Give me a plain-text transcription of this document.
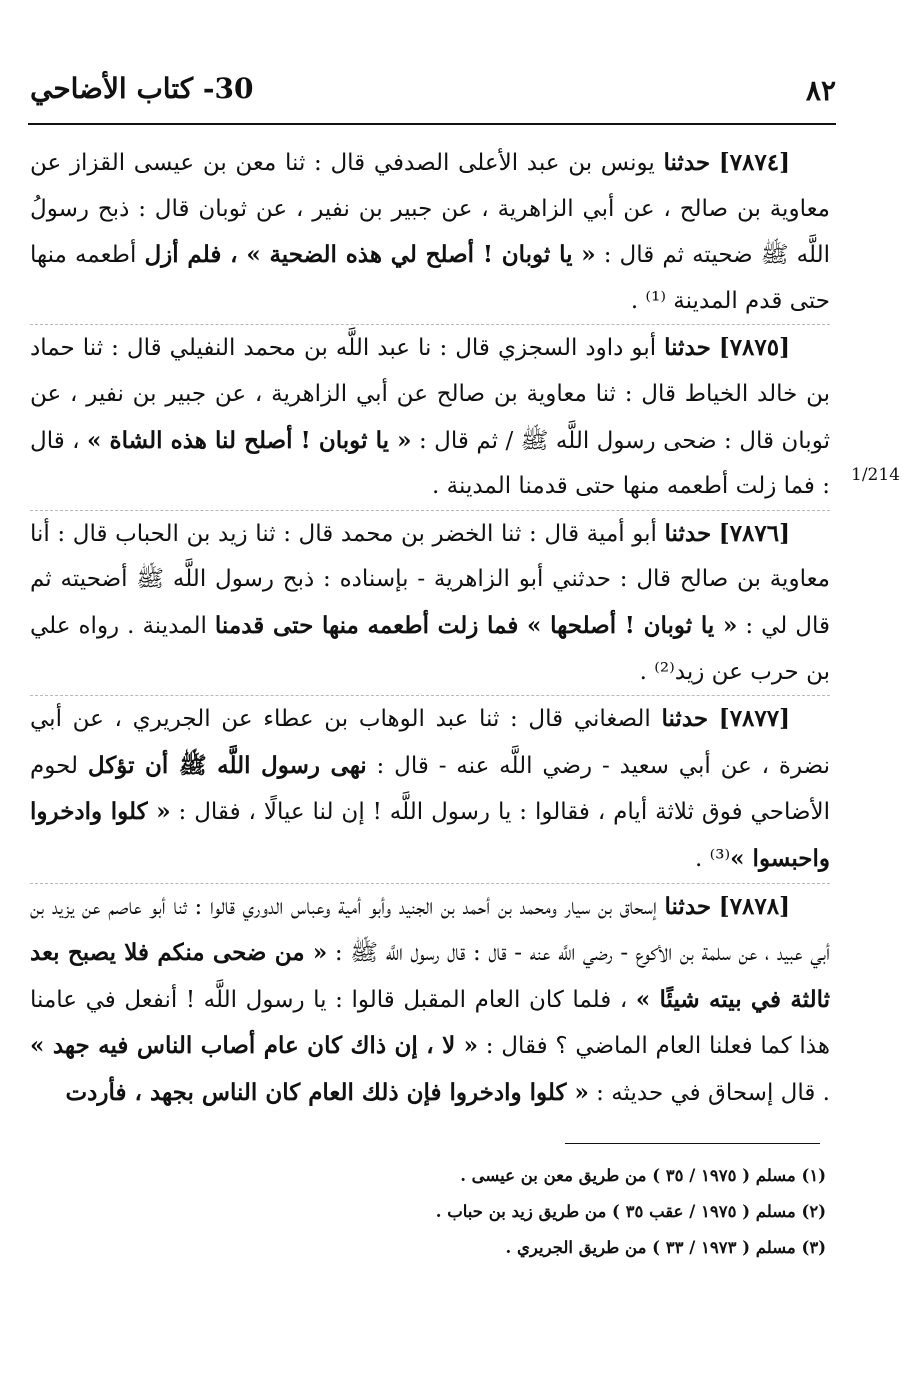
٨٢
30- كتاب الأضاحي
1/214

[٧٨٧٤] حدثنا يونس بن عبد الأعلى الصدفي قال : ثنا معن بن عيسى القزاز عن معاوية بن صالح ، عن أبي الزاهرية ، عن جبير بن نفير ، عن ثوبان قال : ذبح رسولُ اللَّه ﷺ ضحيته ثم قال : « يا ثوبان ! أصلح لي هذه الضحية » ، فلم أزل أطعمه منها حتى قدم المدينة ⁽¹⁾ .

[٧٨٧٥] حدثنا أبو داود السجزي قال : نا عبد اللَّه بن محمد النفيلي قال : ثنا حماد بن خالد الخياط قال : ثنا معاوية بن صالح عن أبي الزاهرية ، عن جبير بن نفير ، عن ثوبان قال : ضحى رسول اللَّه ﷺ / ثم قال : « يا ثوبان ! أصلح لنا هذه الشاة » ، قال : فما زلت أطعمه منها حتى قدمنا المدينة .

[٧٨٧٦] حدثنا أبو أمية قال : ثنا الخضر بن محمد قال : ثنا زيد بن الحباب قال : أنا معاوية بن صالح قال : حدثني أبو الزاهرية - بإسناده : ذبح رسول اللَّه ﷺ أضحيته ثم قال لي : « يا ثوبان ! أصلحها » فما زلت أطعمه منها حتى قدمنا المدينة . رواه علي بن حرب عن زيد⁽²⁾ .

[٧٨٧٧] حدثنا الصغاني قال : ثنا عبد الوهاب بن عطاء عن الجريري ، عن أبي نضرة ، عن أبي سعيد - رضي اللَّه عنه - قال : نهى رسول اللَّه ﷺ أن تؤكل لحوم الأضاحي فوق ثلاثة أيام ، فقالوا : يا رسول اللَّه ! إن لنا عيالًا ، فقال : « كلوا وادخروا واحبسوا »⁽³⁾ .

[٧٨٧٨] حدثنا إسحاق بن سيار ومحمد بن أحمد بن الجنيد وأبو أمية وعباس الدوري قالوا : ثنا أبو عاصم عن يزيد بن أبي عبيد ، عن سلمة بن الأكوع - رضي اللَّه عنه - قال : قال رسول اللَّه ﷺ : « من ضحى منكم فلا يصبح بعد ثالثة في بيته شيئًا » ، فلما كان العام المقبل قالوا : يا رسول اللَّه ! أنفعل في عامنا هذا كما فعلنا العام الماضي ؟ فقال : « لا ، إن ذاك كان عام أصاب الناس فيه جهد » . قال إسحاق في حديثه : « كلوا وادخروا فإن ذلك العام كان الناس بجهد ، فأردت

(١) مسلم ( ١٩٧٥ / ٣٥ ) من طريق معن بن عيسى .

(٢) مسلم ( ١٩٧٥ / عقب ٣٥ ) من طريق زيد بن حباب .

(٣) مسلم ( ١٩٧٣ / ٣٣ ) من طريق الجريري .
